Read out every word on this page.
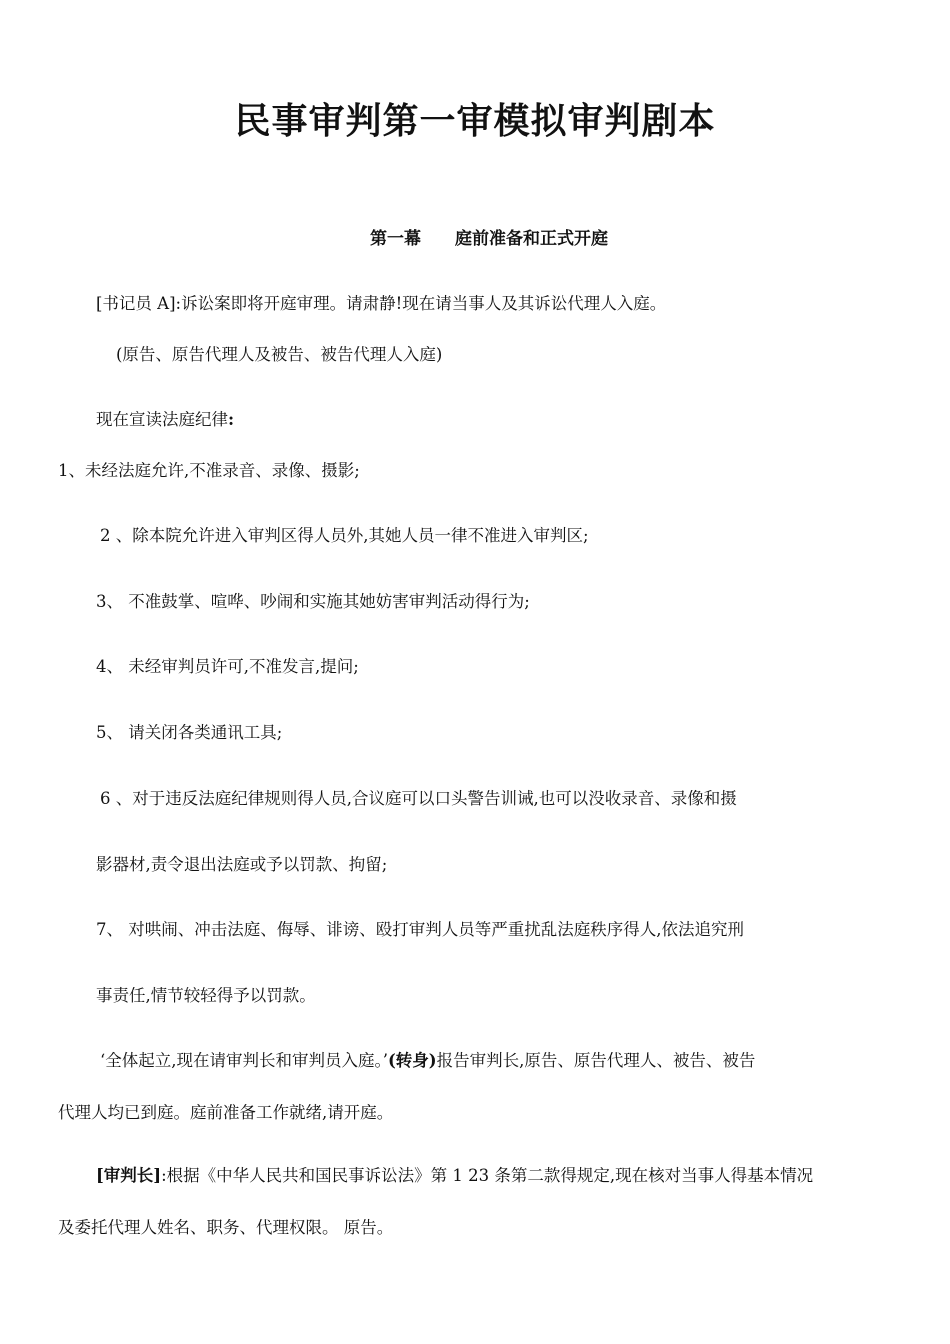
民事审判第一审模拟审判剧本
第一幕 庭前准备和正式开庭

[书记员 A]:诉讼案即将开庭审理。请肃静!现在请当事人及其诉讼代理人入庭。

(原告、原告代理人及被告、被告代理人入庭)

现在宣读法庭纪律:

1、未经法庭允许,不准录音、录像、摄影;

2 、除本院允许进入审判区得人员外,其她人员一律不准进入审判区;

3、 不准鼓掌、喧哗、吵闹和实施其她妨害审判活动得行为;

4、 未经审判员许可,不准发言,提问;

5、 请关闭各类通讯工具;

6 、对于违反法庭纪律规则得人员,合议庭可以口头警告训诫,也可以没收录音、录像和摄

影器材,责令退出法庭或予以罚款、拘留;

7、 对哄闹、冲击法庭、侮辱、诽谤、殴打审判人员等严重扰乱法庭秩序得人,依法追究刑

事责任,情节较轻得予以罚款。

‘全体起立,现在请审判长和审判员入庭。’(转身)报告审判长,原告、原告代理人、被告、被告

代理人均已到庭。庭前准备工作就绪,请开庭。

[审判长]:根据《中华人民共和国民事诉讼法》第 1 23 条第二款得规定,现在核对当事人得基本情况

及委托代理人姓名、职务、代理权限。 原告。
